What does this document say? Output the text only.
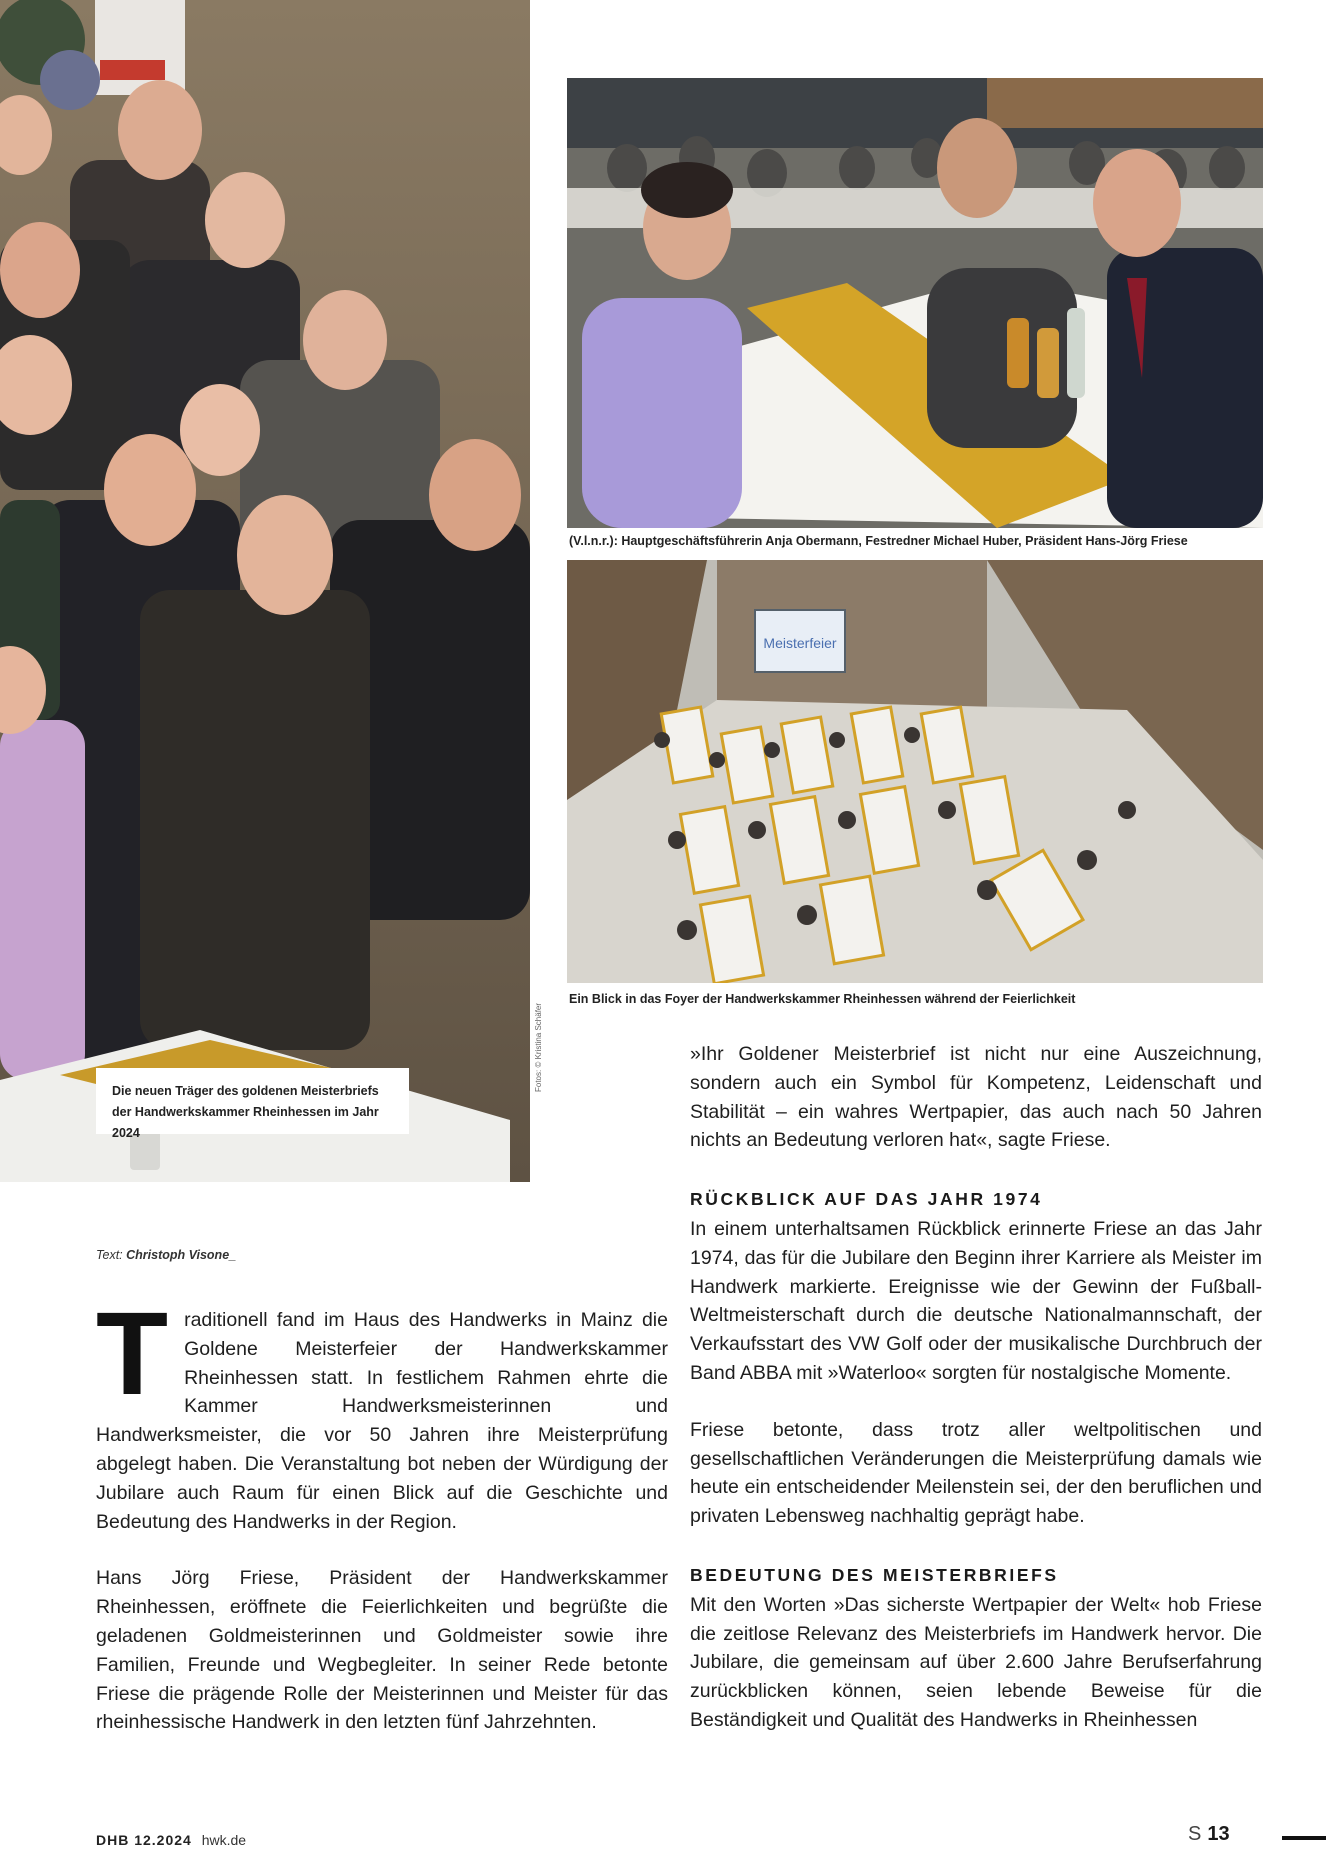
Die neuen Träger des goldenen Meisterbriefs der Handwerkskammer Rheinhessen im Jahr 2024
Fotos: © Kristina Schäfer
(V.l.n.r.): Hauptgeschäftsführerin Anja Obermann, Festredner Michael Huber, Präsident Hans-Jörg Friese
Meisterfeier
Ein Blick in das Foyer der Handwerkskammer Rheinhessen während der Feierlichkeit
Text: Christoph Visone_

Traditionell fand im Haus des Handwerks in Mainz die Goldene Meisterfeier der Handwerkskammer Rheinhessen statt. In festlichem Rahmen ehrte die Kammer Handwerksmeisterinnen und Handwerksmeister, die vor 50 Jahren ihre Meisterprüfung abgelegt haben. Die Veranstaltung bot neben der Würdigung der Jubilare auch Raum für einen Blick auf die Geschichte und Bedeutung des Handwerks in der Region.

Hans Jörg Friese, Präsident der Handwerkskammer Rheinhessen, eröffnete die Feierlichkeiten und begrüßte die geladenen Goldmeisterinnen und Goldmeister sowie ihre Familien, Freunde und Wegbegleiter. In seiner Rede betonte Friese die prägende Rolle der Meisterinnen und Meister für das rheinhessische Handwerk in den letzten fünf Jahrzehnten.

»Ihr Goldener Meisterbrief ist nicht nur eine Auszeichnung, sondern auch ein Symbol für Kompetenz, Leidenschaft und Stabilität – ein wahres Wertpapier, das auch nach 50 Jahren nichts an Bedeutung verloren hat«, sagte Friese.

RÜCKBLICK AUF DAS JAHR 1974

In einem unterhaltsamen Rückblick erinnerte Friese an das Jahr 1974, das für die Jubilare den Beginn ihrer Karriere als Meister im Handwerk markierte. Ereignisse wie der Gewinn der Fußball-Weltmeisterschaft durch die deutsche Nationalmannschaft, der Verkaufsstart des VW Golf oder der musikalische Durchbruch der Band ABBA mit »Waterloo« sorgten für nostalgische Momente.

Friese betonte, dass trotz aller weltpolitischen und gesellschaftlichen Veränderungen die Meisterprüfung damals wie heute ein entscheidender Meilenstein sei, der den beruflichen und privaten Lebensweg nachhaltig geprägt habe.

BEDEUTUNG DES MEISTERBRIEFS

Mit den Worten »Das sicherste Wertpapier der Welt« hob Friese die zeitlose Relevanz des Meisterbriefs im Handwerk hervor. Die Jubilare, die gemeinsam auf über 2.600 Jahre Berufserfahrung zurückblicken können, seien lebende Beweise für die Beständigkeit und Qualität des Handwerks in Rheinhessen

DHB 12.2024 hwk.de	S 13
